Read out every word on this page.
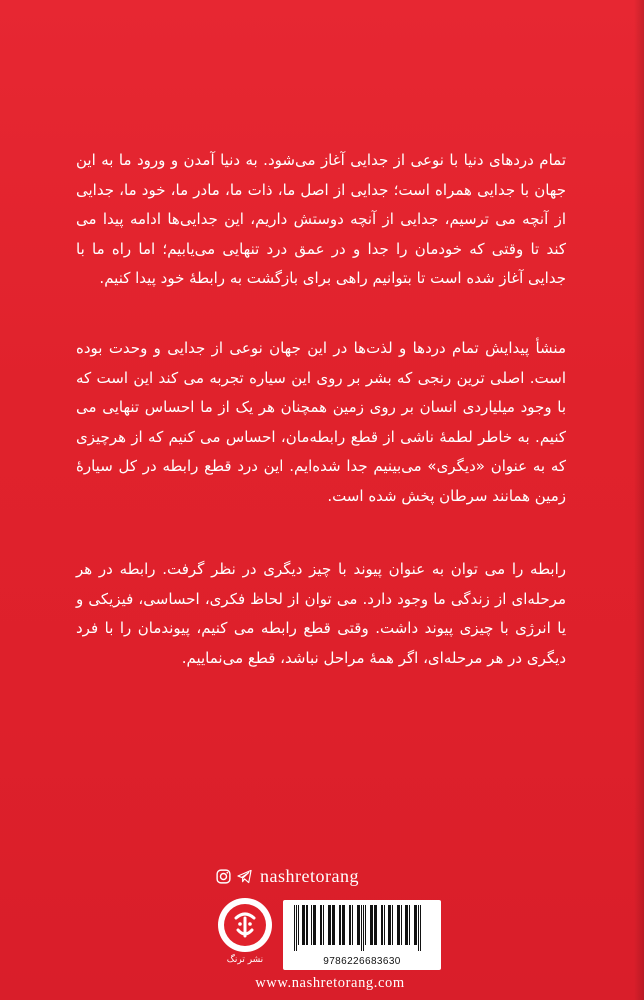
تمام دردهای دنیا با نوعی از جدایی آغاز می‌شود. به دنیا آمدن و ورود ما به این جهان با جدایی همراه است؛ جدایی از اصل ما، ذات ما، مادر ما، خود ما، جدایی از آنچه می ترسیم، جدایی از آنچه دوستش داریم، این جدایی‌ها ادامه پیدا می کند تا وقتی که خودمان را جدا و در عمق درد تنهایی می‌یابیم؛ اما راه ما با جدایی آغاز شده است تا بتوانیم راهی برای بازگشت به رابطهٔ خود پیدا کنیم.

منشأ پیدایش تمام دردها و لذت‌ها در این جهان نوعی از جدایی و وحدت بوده است. اصلی ترین رنجی که بشر بر روی این سیاره تجربه می کند این است که با وجود میلیاردی انسان بر روی زمین همچنان هر یک از ما احساس تنهایی می کنیم. به خاطر لطمهٔ ناشی از قطع رابطه‌مان، احساس می کنیم که از هرچیزی که به عنوان «دیگری» می‌بینیم جدا شده‌ایم. این درد قطع رابطه در کل سیارهٔ زمین همانند سرطان پخش شده است.

رابطه را می توان به عنوان پیوند با چیز دیگری در نظر گرفت. رابطه در هر مرحله‌ای از زندگی ما وجود دارد. می توان از لحاظ فکری، احساسی، فیزیکی و یا انرژی با چیزی پیوند داشت. وقتی قطع رابطه می کنیم، پیوندمان را با فرد دیگری در هر مرحله‌ای، اگر همهٔ مراحل نباشد، قطع می‌نماییم.

nashretorang
نشر ترنگ	9786226683630
www.nashretorang.com
